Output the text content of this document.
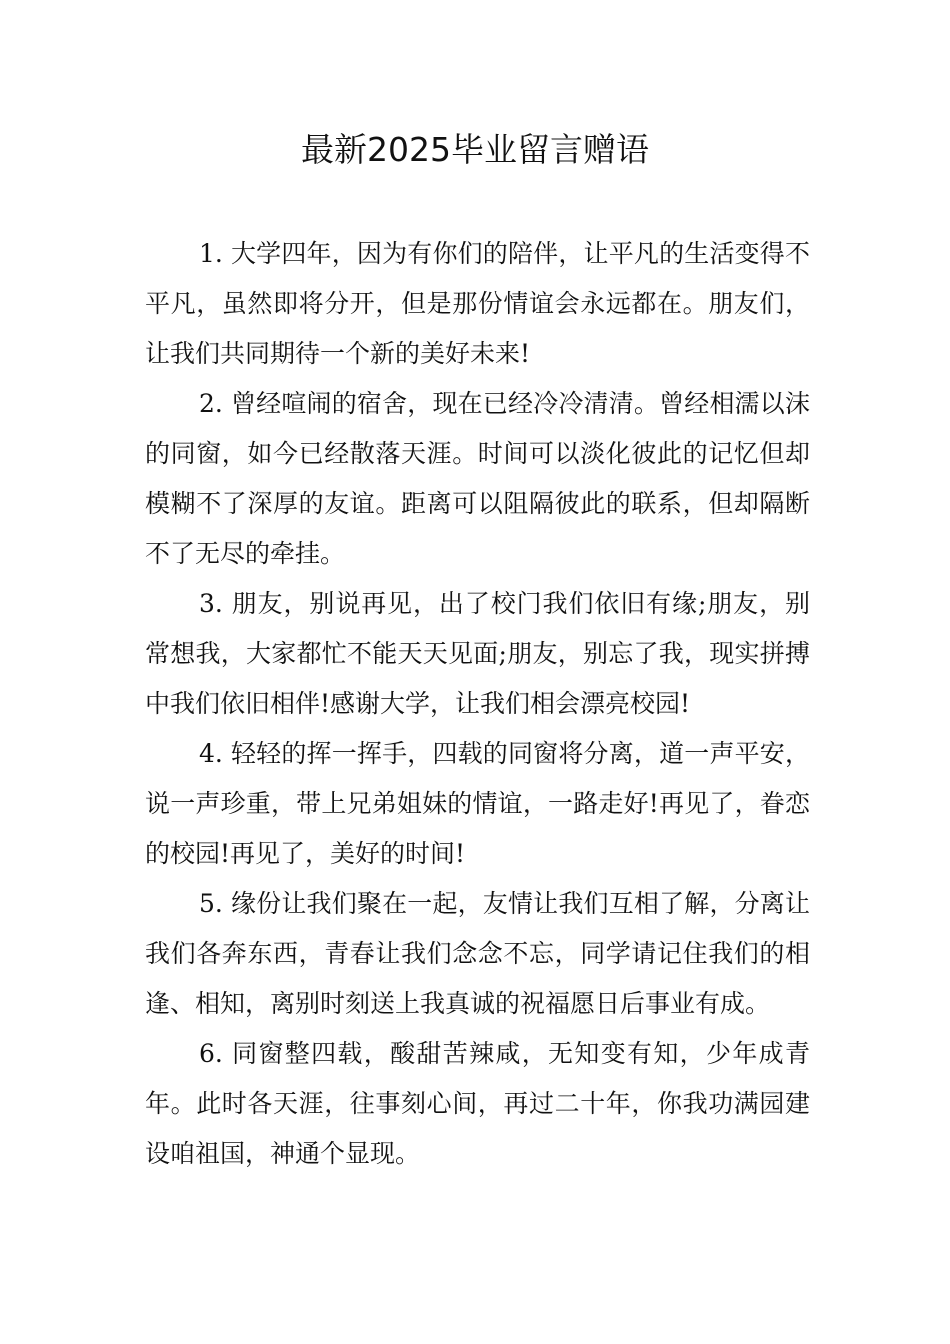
最新2025毕业留言赠语

1. 大学四年，因为有你们的陪伴，让平凡的生活变得不平凡，虽然即将分开，但是那份情谊会永远都在。朋友们，让我们共同期待一个新的美好未来!

2. 曾经喧闹的宿舍，现在已经冷冷清清。曾经相濡以沫的同窗，如今已经散落天涯。时间可以淡化彼此的记忆但却模糊不了深厚的友谊。距离可以阻隔彼此的联系，但却隔断不了无尽的牵挂。

3. 朋友，别说再见，出了校门我们依旧有缘;朋友，别常想我，大家都忙不能天天见面;朋友，别忘了我，现实拼搏中我们依旧相伴!感谢大学，让我们相会漂亮校园!

4. 轻轻的挥一挥手，四载的同窗将分离，道一声平安，说一声珍重，带上兄弟姐妹的情谊，一路走好!再见了，眷恋的校园!再见了，美好的时间!

5. 缘份让我们聚在一起，友情让我们互相了解，分离让我们各奔东西，青春让我们念念不忘，同学请记住我们的相逢、相知，离别时刻送上我真诚的祝福愿日后事业有成。

6. 同窗整四载，酸甜苦辣咸，无知变有知，少年成青年。此时各天涯，往事刻心间，再过二十年，你我功满园建设咱祖国，神通个显现。
